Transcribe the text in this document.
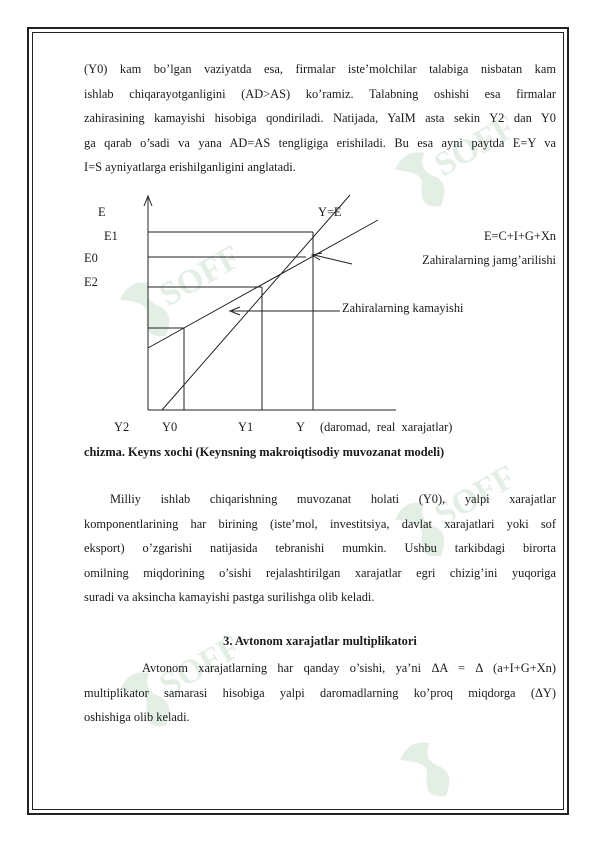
SOFF
SOFF
SOFF
SOFF
(Y0) kam bo’lgan vaziyatda esa, firmalar iste’molchilar talabiga nisbatan kam
ishlab chiqarayotganligini (AD>AS) ko’ramiz. Talabning oshishi esa firmalar
zahirasining kamayishi hisobiga qondiriladi. Natijada, YaIM asta sekin Y2 dan Y0
ga qarab o’sadi va yana AD=AS tengligiga erishiladi. Bu esa ayni paytda E=Y va
I=S ayniyatlarga erishilganligini anglatadi.
E	Y=E
E1
E0
E2
E=C+I+G+Xn
Zahiralarning jamg’arilishi
Zahiralarning kamayishi
Y2	Y0	Y1	Y     (daromad,  real  xarajatlar)
chizma. Keyns xochi (Keynsning makroiqtisodiy muvozanat modeli)
Milliy ishlab chiqarishning muvozanat holati (Y0), yalpi xarajatlar
komponentlarining har birining (iste’mol, investitsiya, davlat xarajatlari yoki sof
eksport) o’zgarishi natijasida tebranishi mumkin. Ushbu tarkibdagi birorta
omilning miqdorining o’sishi rejalashtirilgan xarajatlar egri chizig’ini yuqoriga
suradi va aksincha kamayishi pastga surilishga olib keladi.
3. Avtonom xarajatlar multiplikatori
Avtonom xarajatlarning har qanday o’sishi, ya’ni ΔA = Δ (a+I+G+Xn)
multiplikator samarasi hisobiga yalpi daromadlarning ko’proq miqdorga (ΔY)
oshishiga olib keladi.
